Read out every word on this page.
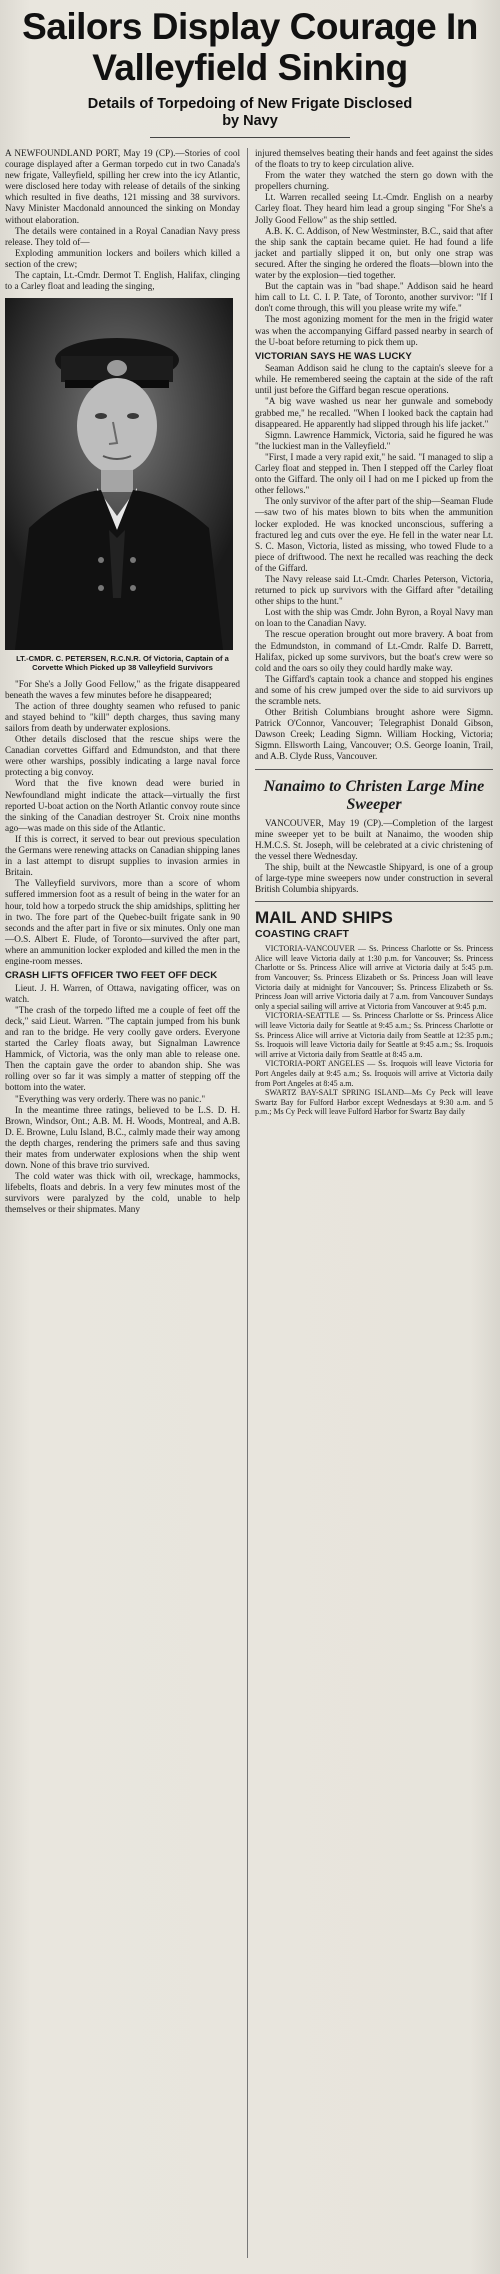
Sailors Display Courage In Valleyfield Sinking
Details of Torpedoing of New Frigate Disclosed by Navy

A NEWFOUNDLAND PORT, May 19 (CP).—Stories of cool courage displayed after a German torpedo cut in two Canada's new frigate, Valleyfield, spilling her crew into the icy Atlantic, were disclosed here today with release of details of the sinking which resulted in five deaths, 121 missing and 38 survivors. Navy Minister Macdonald announced the sinking on Monday without elaboration.

The details were contained in a Royal Canadian Navy press release. They told of—

Exploding ammunition lockers and boilers which killed a section of the crew;

The captain, Lt.-Cmdr. Dermot T. English, Halifax, clinging to a Carley float and leading the singing,

LT.-CMDR. C. PETERSEN, R.C.N.R. Of Victoria, Captain of a Corvette Which Picked up 38 Valleyfield Survivors

"For She's a Jolly Good Fellow," as the frigate disappeared beneath the waves a few minutes before he disappeared;

The action of three doughty seamen who refused to panic and stayed behind to "kill" depth charges, thus saving many sailors from death by underwater explosions.

Other details disclosed that the rescue ships were the Canadian corvettes Giffard and Edmundston, and that there were other warships, possibly indicating a large naval force protecting a big convoy.

Word that the five known dead were buried in Newfoundland might indicate the attack—virtually the first reported U-boat action on the North Atlantic convoy route since the sinking of the Canadian destroyer St. Croix nine months ago—was made on this side of the Atlantic.

If this is correct, it served to bear out previous speculation the Germans were renewing attacks on Canadian shipping lanes in a last attempt to disrupt supplies to invasion armies in Britain.

The Valleyfield survivors, more than a score of whom suffered immersion foot as a result of being in the water for an hour, told how a torpedo struck the ship amidships, splitting her in two. The fore part of the Quebec-built frigate sank in 90 seconds and the after part in five or six minutes. Only one man —O.S. Albert E. Flude, of Toronto—survived the after part, where an ammunition locker exploded and killed the men in the engine-room messes.

CRASH LIFTS OFFICER TWO FEET OFF DECK

Lieut. J. H. Warren, of Ottawa, navigating officer, was on watch.

"The crash of the torpedo lifted me a couple of feet off the deck," said Lieut. Warren. "The captain jumped from his bunk and ran to the bridge. He very coolly gave orders. Everyone started the Carley floats away, but Signalman Lawrence Hammick, of Victoria, was the only man able to release one. Then the captain gave the order to abandon ship. She was rolling over so far it was simply a matter of stepping off the bottom into the water.

"Everything was very orderly. There was no panic."

In the meantime three ratings, believed to be L.S. D. H. Brown, Windsor, Ont.; A.B. M. H. Woods, Montreal, and A.B. D. E. Browne, Lulu Island, B.C., calmly made their way among the depth charges, rendering the primers safe and thus saving their mates from underwater explosions when the ship went down. None of this brave trio survived.

The cold water was thick with oil, wreckage, hammocks, lifebelts, floats and debris. In a very few minutes most of the survivors were paralyzed by the cold, unable to help themselves or their shipmates. Many

injured themselves beating their hands and feet against the sides of the floats to try to keep circulation alive.

From the water they watched the stern go down with the propellers churning.

Lt. Warren recalled seeing Lt.-Cmdr. English on a nearby Carley float. They heard him lead a group singing "For She's a Jolly Good Fellow" as the ship settled.

A.B. K. C. Addison, of New Westminster, B.C., said that after the ship sank the captain became quiet. He had found a life jacket and partially slipped it on, but only one strap was secured. After the singing he ordered the floats—blown into the water by the explosion—tied together.

But the captain was in "bad shape." Addison said he heard him call to Lt. C. I. P. Tate, of Toronto, another survivor: "If I don't come through, this will you please write my wife."

The most agonizing moment for the men in the frigid water was when the accompanying Giffard passed nearby in search of the U-boat before returning to pick them up.

VICTORIAN SAYS HE WAS LUCKY

Seaman Addison said he clung to the captain's sleeve for a while. He remembered seeing the captain at the side of the raft until just before the Giffard began rescue operations.

"A big wave washed us near her gunwale and somebody grabbed me," he recalled. "When I looked back the captain had disappeared. He apparently had slipped through his life jacket."

Sigmn. Lawrence Hammick, Victoria, said he figured he was "the luckiest man in the Valleyfield."

"First, I made a very rapid exit," he said. "I managed to slip a Carley float and stepped in. Then I stepped off the Carley float onto the Giffard. The only oil I had on me I picked up from the other fellows."

The only survivor of the after part of the ship—Seaman Flude—saw two of his mates blown to bits when the ammunition locker exploded. He was knocked unconscious, suffering a fractured leg and cuts over the eye. He fell in the water near Lt. S. C. Mason, Victoria, listed as missing, who towed Flude to a piece of driftwood. The next he recalled was reaching the deck of the Giffard.

The Navy release said Lt.-Cmdr. Charles Peterson, Victoria, returned to pick up survivors with the Giffard after "detailing other ships to the hunt."

Lost with the ship was Cmdr. John Byron, a Royal Navy man on loan to the Canadian Navy.

The rescue operation brought out more bravery. A boat from the Edmundston, in command of Lt.-Cmdr. Ralfe D. Barrett, Halifax, picked up some survivors, but the boat's crew were so cold and the oars so oily they could hardly make way.

The Giffard's captain took a chance and stopped his engines and some of his crew jumped over the side to aid survivors up the scramble nets.

Other British Columbians brought ashore were Sigmn. Patrick O'Connor, Vancouver; Telegraphist Donald Gibson, Dawson Creek; Leading Sigmn. William Hocking, Victoria; Sigmn. Ellsworth Laing, Vancouver; O.S. George Ioanin, Trail, and A.B. Clyde Russ, Vancouver.

Nanaimo to Christen Large Mine Sweeper

VANCOUVER, May 19 (CP).—Completion of the largest mine sweeper yet to be built at Nanaimo, the wooden ship H.M.C.S. St. Joseph, will be celebrated at a civic christening of the vessel there Wednesday.

The ship, built at the Newcastle Shipyard, is one of a group of large-type mine sweepers now under construction in several British Columbia shipyards.

MAIL AND SHIPS
COASTING CRAFT

VICTORIA-VANCOUVER — Ss. Princess Charlotte or Ss. Princess Alice will leave Victoria daily at 1:30 p.m. for Vancouver; Ss. Princess Charlotte or Ss. Princess Alice will arrive at Victoria daily at 5:45 p.m. from Vancouver; Ss. Princess Elizabeth or Ss. Princess Joan will leave Victoria daily at midnight for Vancouver; Ss. Princess Elizabeth or Ss. Princess Joan will arrive Victoria daily at 7 a.m. from Vancouver Sundays only a special sailing will arrive at Victoria from Vancouver at 9:45 p.m.

VICTORIA-SEATTLE — Ss. Princess Charlotte or Ss. Princess Alice will leave Victoria daily for Seattle at 9:45 a.m.; Ss. Princess Charlotte or Ss. Princess Alice will arrive at Victoria daily from Seattle at 12:35 p.m.; Ss. Iroquois will leave Victoria daily for Seattle at 9:45 a.m.; Ss. Iroquois will arrive at Victoria daily from Seattle at 8:45 a.m.

VICTORIA-PORT ANGELES — Ss. Iroquois will leave Victoria for Port Angeles daily at 9:45 a.m.; Ss. Iroquois will arrive at Victoria daily from Port Angeles at 8:45 a.m.

SWARTZ BAY-SALT SPRING ISLAND—Ms Cy Peck will leave Swartz Bay for Fulford Harbor except Wednesdays at 9:30 a.m. and 5 p.m.; Ms Cy Peck will leave Fulford Harbor for Swartz Bay daily
